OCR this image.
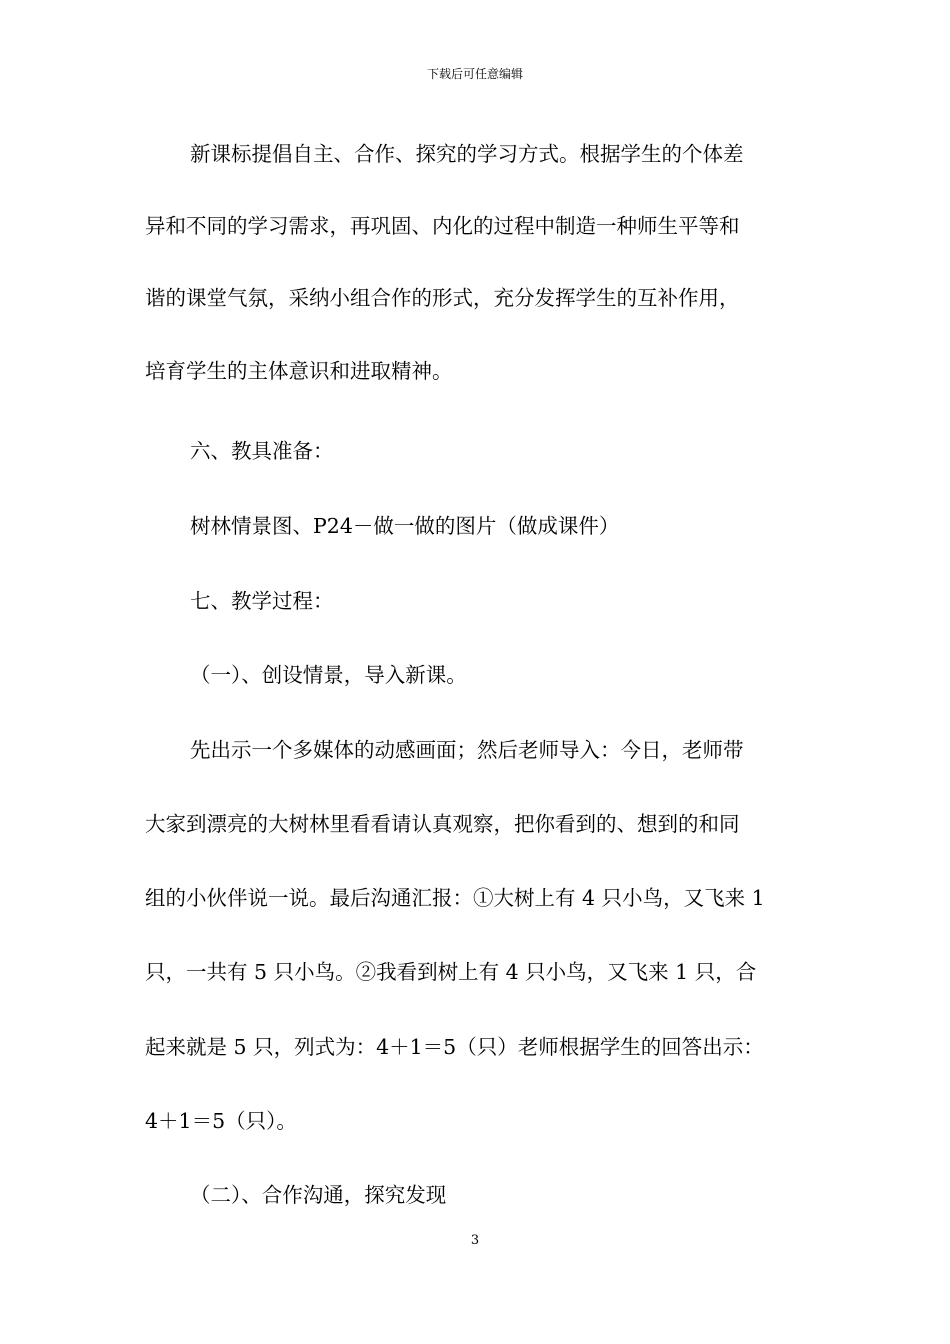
下载后可任意编辑
新课标提倡自主、合作、探究的学习方式。根据学生的个体差
异和不同的学习需求，再巩固、内化的过程中制造一种师生平等和
谐的课堂气氛，采纳小组合作的形式，充分发挥学生的互补作用，
培育学生的主体意识和进取精神。
六、教具准备：
树林情景图、P24－做一做的图片（做成课件）
七、教学过程：
（一）、创设情景，导入新课。
先出示一个多媒体的动感画面；然后老师导入：今日，老师带
大家到漂亮的大树林里看看请认真观察，把你看到的、想到的和同
组的小伙伴说一说。最后沟通汇报：①大树上有 4 只小鸟，又飞来 1
只，一共有 5 只小鸟。②我看到树上有 4 只小鸟，又飞来 1 只，合
起来就是 5 只，列式为：4＋1＝5（只）老师根据学生的回答出示：
4＋1＝5（只）。
（二）、合作沟通，探究发现
3
